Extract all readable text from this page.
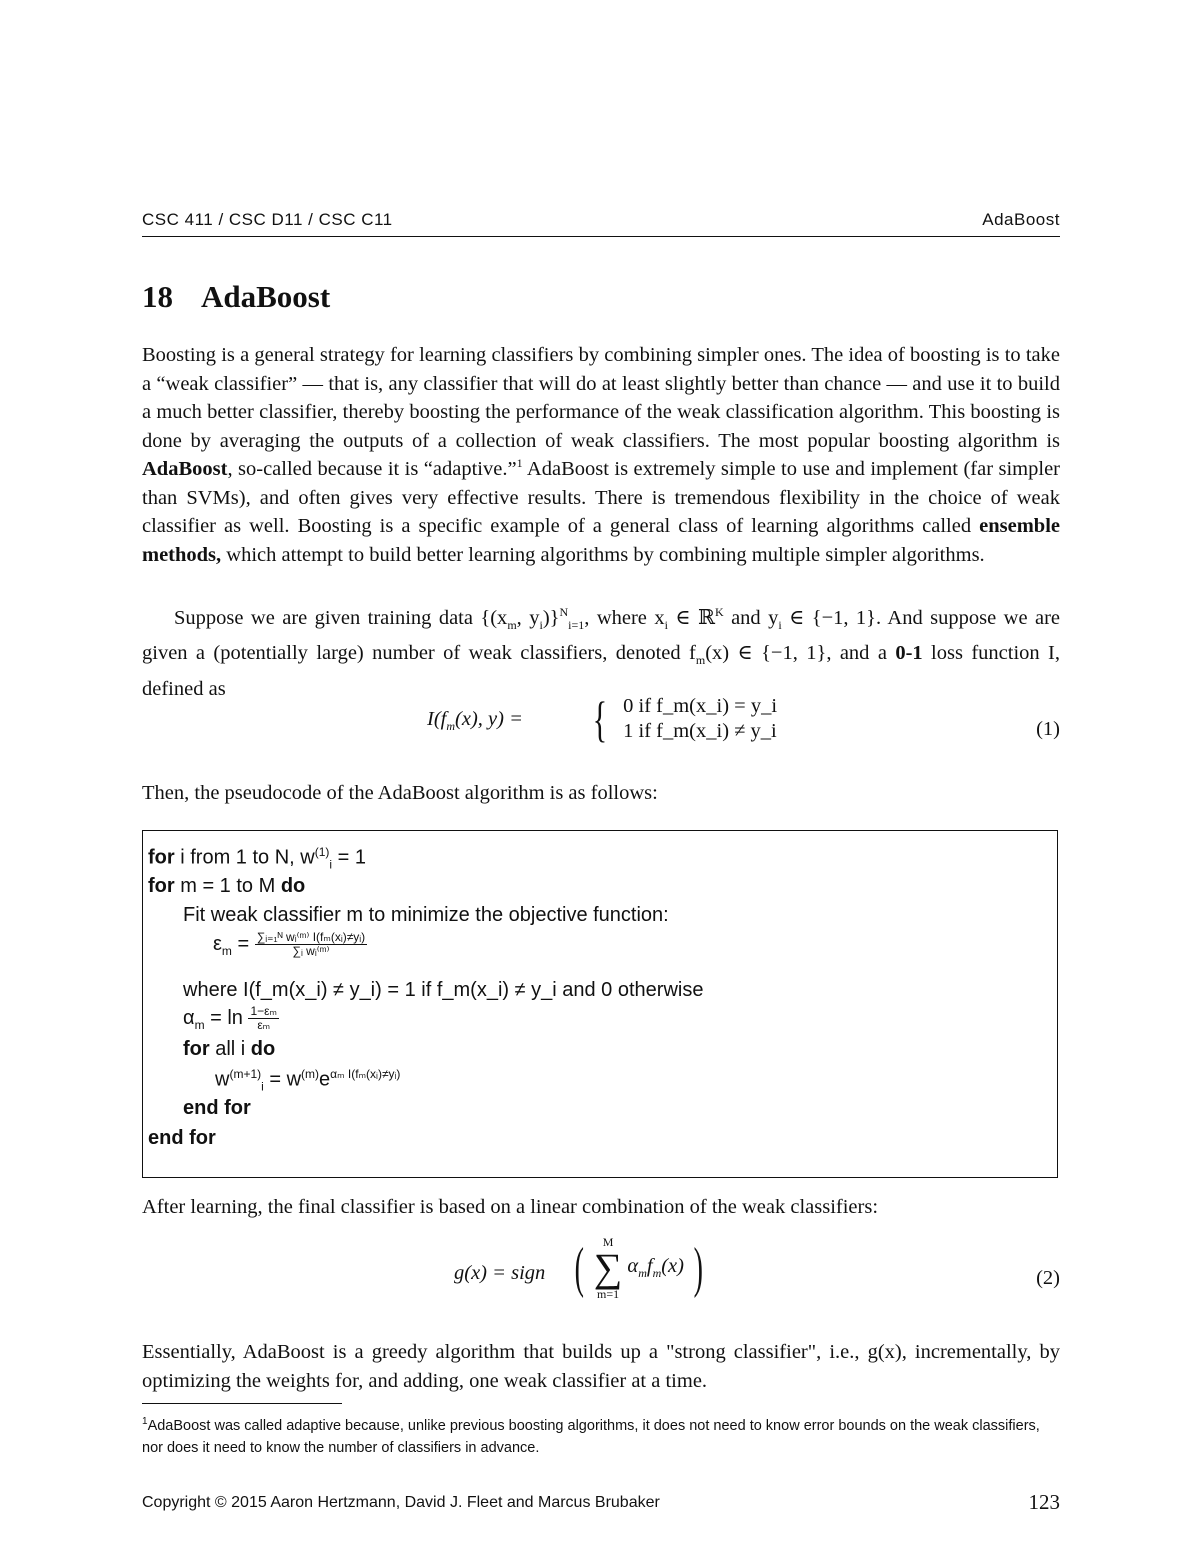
CSC 411 / CSC D11 / CSC C11	AdaBoost
18 AdaBoost

Boosting is a general strategy for learning classifiers by combining simpler ones. The idea of boosting is to take a “weak classifier” — that is, any classifier that will do at least slightly better than chance — and use it to build a much better classifier, thereby boosting the performance of the weak classification algorithm. This boosting is done by averaging the outputs of a collection of weak classifiers. The most popular boosting algorithm is AdaBoost, so-called because it is “adaptive.”$^1$ AdaBoost is extremely simple to use and implement (far simpler than SVMs), and often gives very effective results. There is tremendous flexibility in the choice of weak classifier as well. Boosting is a specific example of a general class of learning algorithms called ensemble methods, which attempt to build better learning algorithms by combining multiple simpler algorithms.

Suppose we are given training data {($x_m$, $y_i)\}^N_{i=1}$, where $x_i$ ∈ ℝ$^K$ and $y_i$ ∈ {−1, 1}. And suppose we are given a (potentially large) number of weak classifiers, denoted $f_m(x)$ ∈ {−1, 1}, and a 0-1 loss function I, defined as

$I(f_m(x)$, y) = { 0 if f_m(x_i) = y_i
1 if f_m(x_i) ≠ y_i	(1)

Then, the pseudocode of the AdaBoost algorithm is as follows:

for i from 1 to N, $w^{(1)}_i = 1$
for m = 1 to M do
Fit weak classifier m to minimize the objective function:
$\varepsilon_m = \frac{\text{∑ᵢ₌₁ᴺ wᵢ⁽ᵐ⁾ I(fₘ(xᵢ)≠yᵢ)}}{\text{∑ᵢ wᵢ⁽ᵐ⁾}}$
where I(f_m(x_i) ≠ y_i) = 1 if f_m(x_i) ≠ y_i and 0 otherwise
$\alpha_m = \ln \frac{\text{1−εₘ}}{\text{εₘ}}$
for all i do
$w^{(m+1)}_i = w^{(m)}e^{\alpha_m I(f_m(xᵢ)\ne yᵢ)}$
end for
end for

After learning, the final classifier is based on a linear combination of the weak classifiers:

g(x) = sign ( M
∑
m=1
$\alpha_mf_m(x)$ )	(2)

Essentially, AdaBoost is a greedy algorithm that builds up a "strong classifier", i.e., g(x), incrementally, by optimizing the weights for, and adding, one weak classifier at a time.

$^1$AdaBoost was called adaptive because, unlike previous boosting algorithms, it does not need to know error bounds on the weak classifiers, nor does it need to know the number of classifiers in advance.
Copyright © 2015 Aaron Hertzmann, David J. Fleet and Marcus Brubaker	123
